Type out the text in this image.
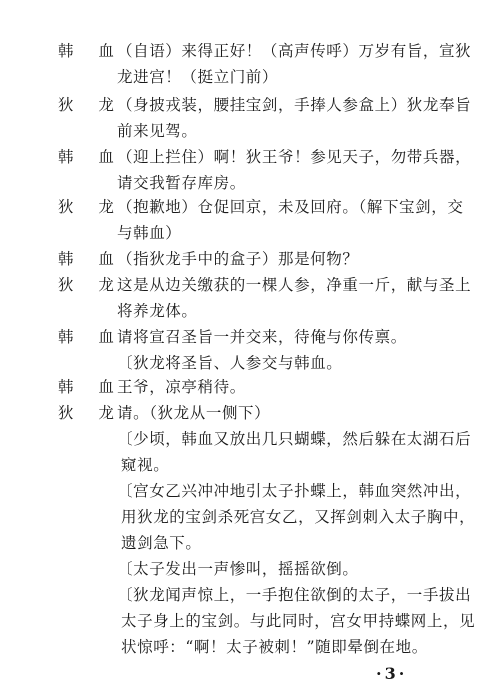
韩 血
（自语）来得正好！（高声传呼）万岁有旨，宣狄
龙进宫！（挺立门前）
狄 龙
（身披戎装，腰挂宝剑，手捧人参盒上）狄龙奉旨
前来见驾。
韩 血
（迎上拦住）啊！狄王爷！参见天子，勿带兵器，
请交我暂存库房。
狄 龙
（抱歉地）仓促回京，未及回府。（解下宝剑，交
与韩血）
韩 血
（指狄龙手中的盒子）那是何物？
狄 龙
这是从边关缴获的一棵人参，净重一斤，献与圣上
将养龙体。
韩 血
请将宣召圣旨一并交来，待俺与你传禀。
〔狄龙将圣旨、人参交与韩血。
韩 血
王爷，凉亭稍待。
狄 龙
请。（狄龙从一侧下）
〔少顷，韩血又放出几只蝴蝶，然后躲在太湖石后
窥视。
〔宫女乙兴冲冲地引太子扑蝶上，韩血突然冲出，
用狄龙的宝剑杀死宫女乙，又挥剑刺入太子胸中，
遗剑急下。
〔太子发出一声惨叫，摇摇欲倒。
〔狄龙闻声惊上，一手抱住欲倒的太子，一手拔出
太子身上的宝剑。与此同时，宫女甲持蝶网上，见
状惊呼：“啊！太子被刺！”随即晕倒在地。
·3·
